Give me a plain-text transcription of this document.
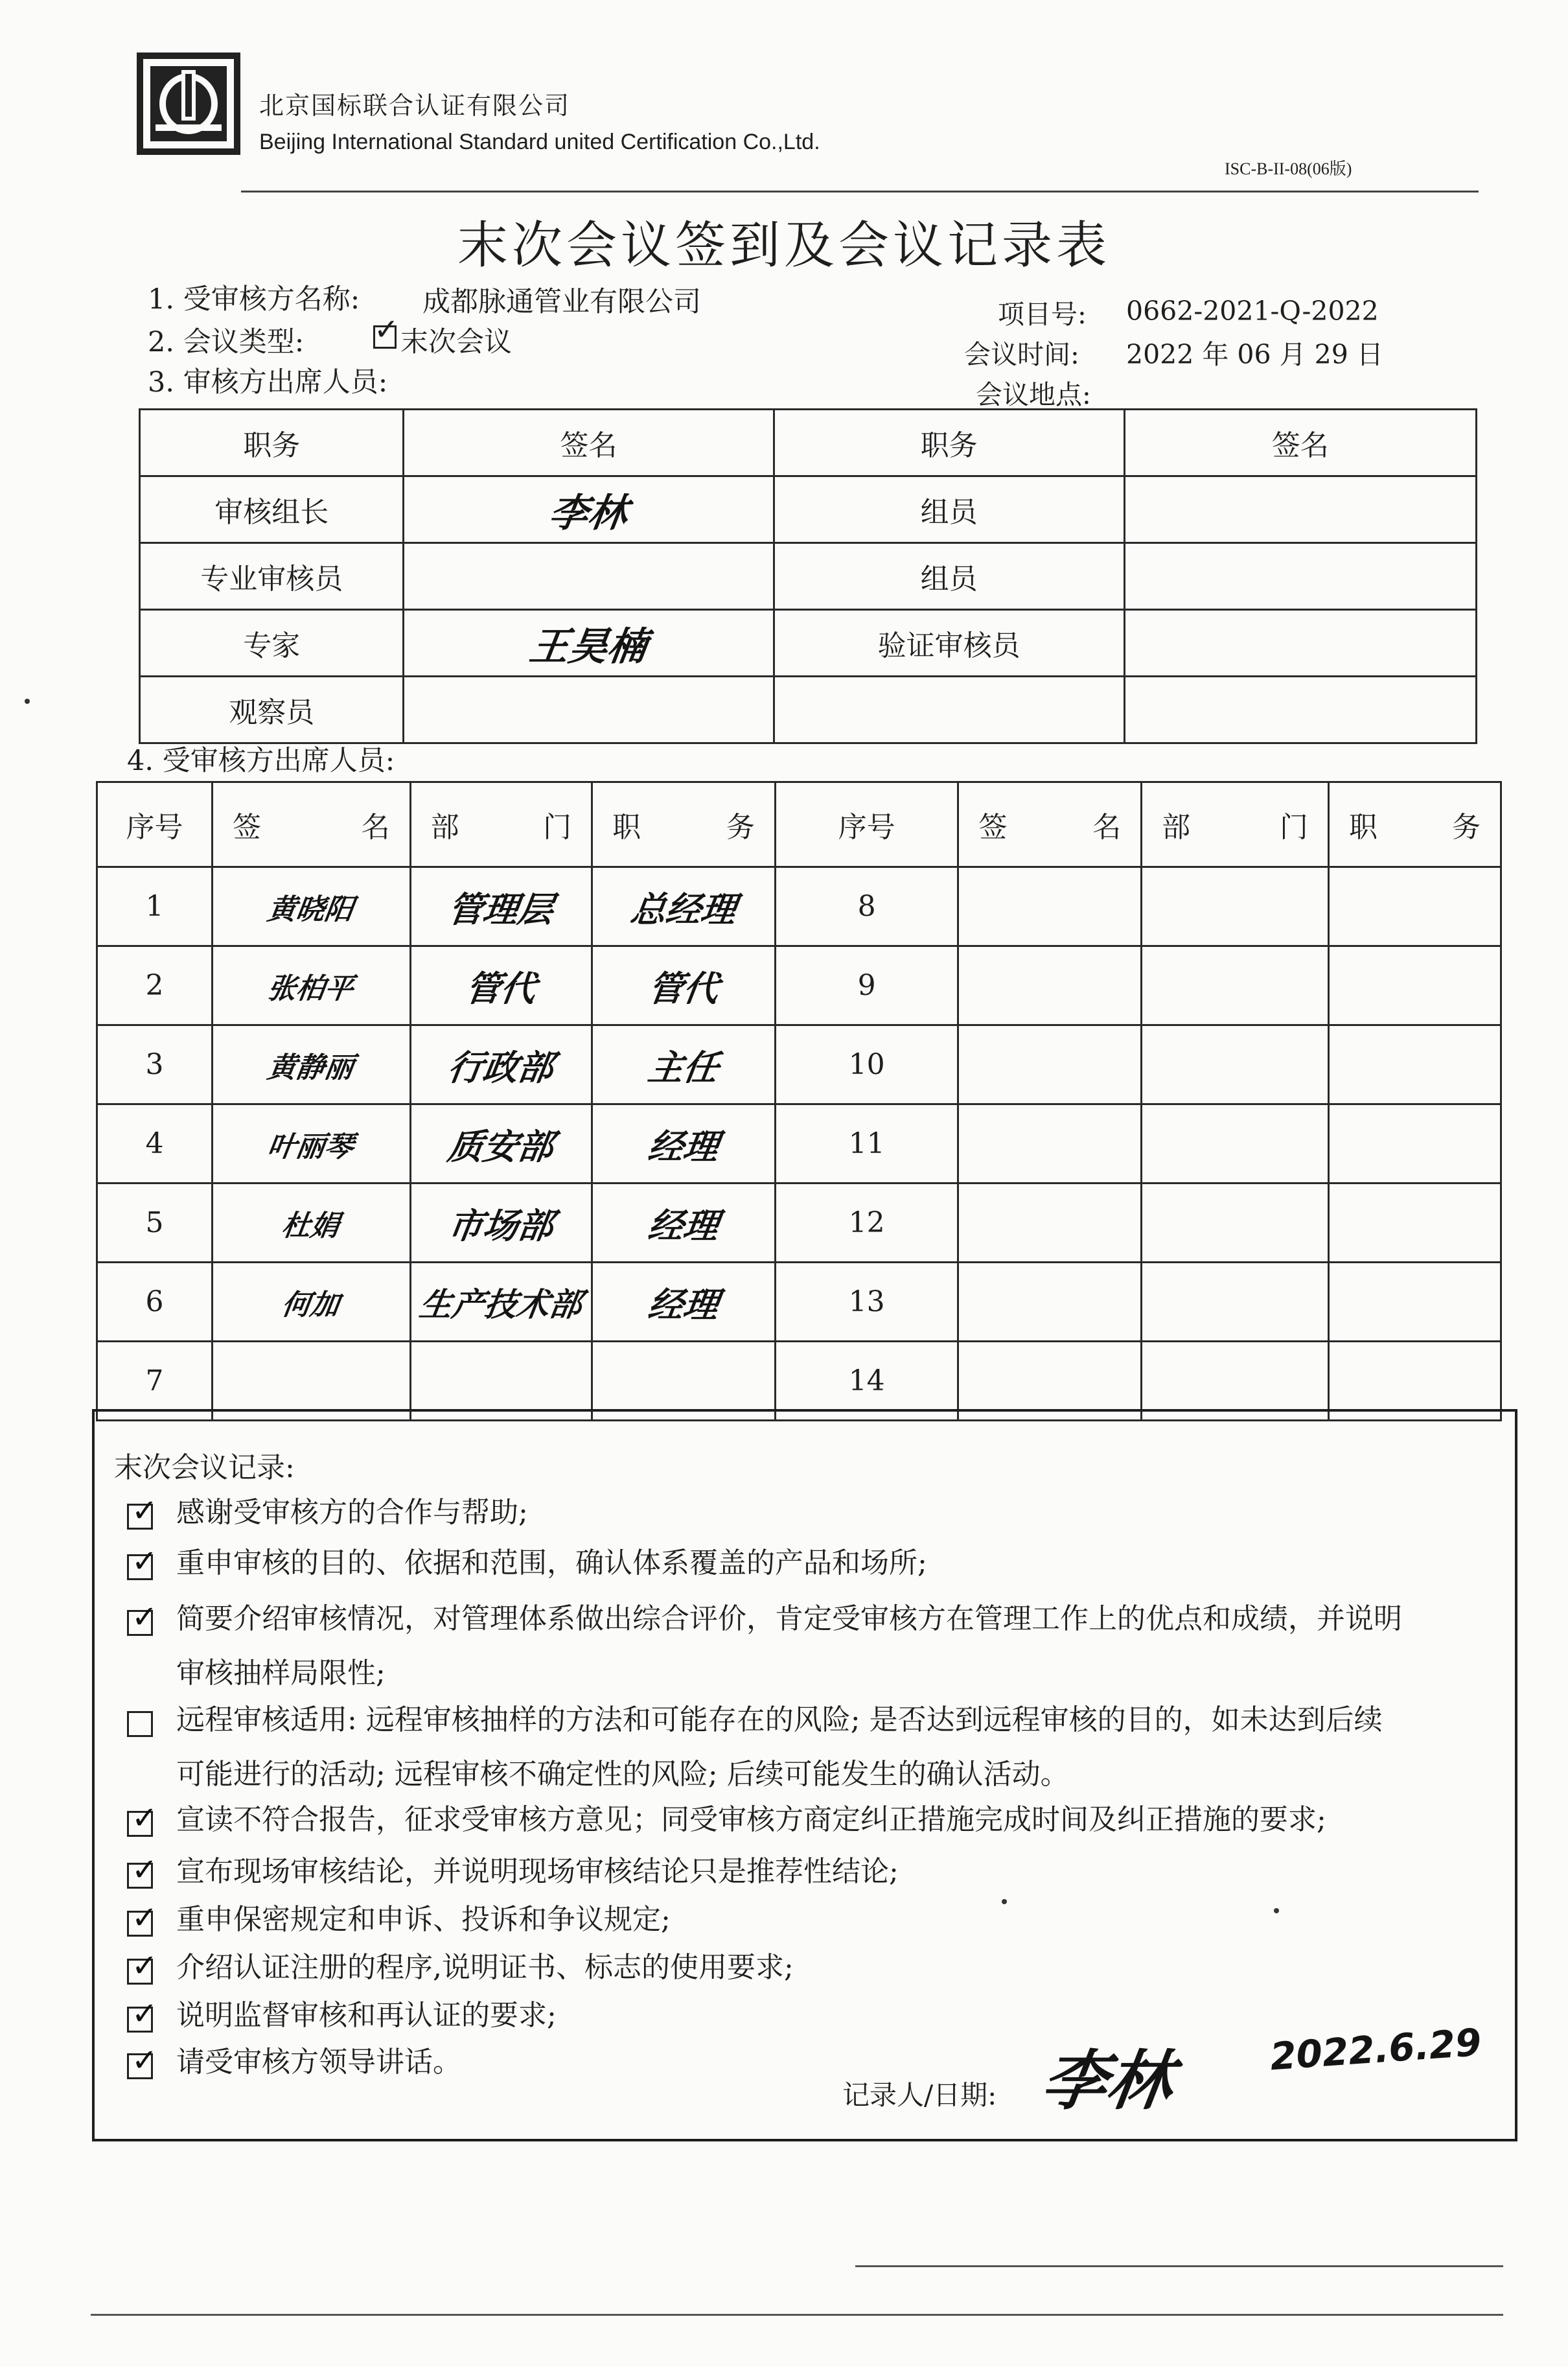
北京国标联合认证有限公司
Beijing International Standard united Certification Co.,Ltd.
ISC-B-II-08(06版)
末次会议签到及会议记录表
1. 受审核方名称: 成都脉通管业有限公司
2. 会议类型: ✓ 末次会议
3. 审核方出席人员:
项目号: 0662-2021-Q-2022
会议时间: 2022 年 06 月 29 日
会议地点:
职务	签名	职务	签名
审核组长	李林	组员	
专业审核员		组员	
专家	王昊楠	验证审核员	
观察员			
4. 受审核方出席人员:
序号	签 名	部 门	职 务	序号	签 名	部 门	职 务

1	黄晓阳	管理层	总经理	8			
2	张柏平	管代	管代	9			
3	黄静丽	行政部	主任	10			
4	叶丽琴	质安部	经理	11			
5	杜娟	市场部	经理	12			
6	何加	生产技术部	经理	13			
7				14			
末次会议记录:
✓ 感谢受审核方的合作与帮助;
✓ 重申审核的目的、依据和范围，确认体系覆盖的产品和场所;
✓ 简要介绍审核情况，对管理体系做出综合评价，肯定受审核方在管理工作上的优点和成绩，并说明
审核抽样局限性;
远程审核适用: 远程审核抽样的方法和可能存在的风险; 是否达到远程审核的目的，如未达到后续
可能进行的活动; 远程审核不确定性的风险; 后续可能发生的确认活动。
✓ 宣读不符合报告，征求受审核方意见；同受审核方商定纠正措施完成时间及纠正措施的要求;
✓ 宣布现场审核结论，并说明现场审核结论只是推荐性结论;
✓ 重申保密规定和申诉、投诉和争议规定;
✓ 介绍认证注册的程序,说明证书、标志的使用要求;
✓ 说明监督审核和再认证的要求;
✓ 请受审核方领导讲话。
记录人/日期: 李林 2022.6.29
